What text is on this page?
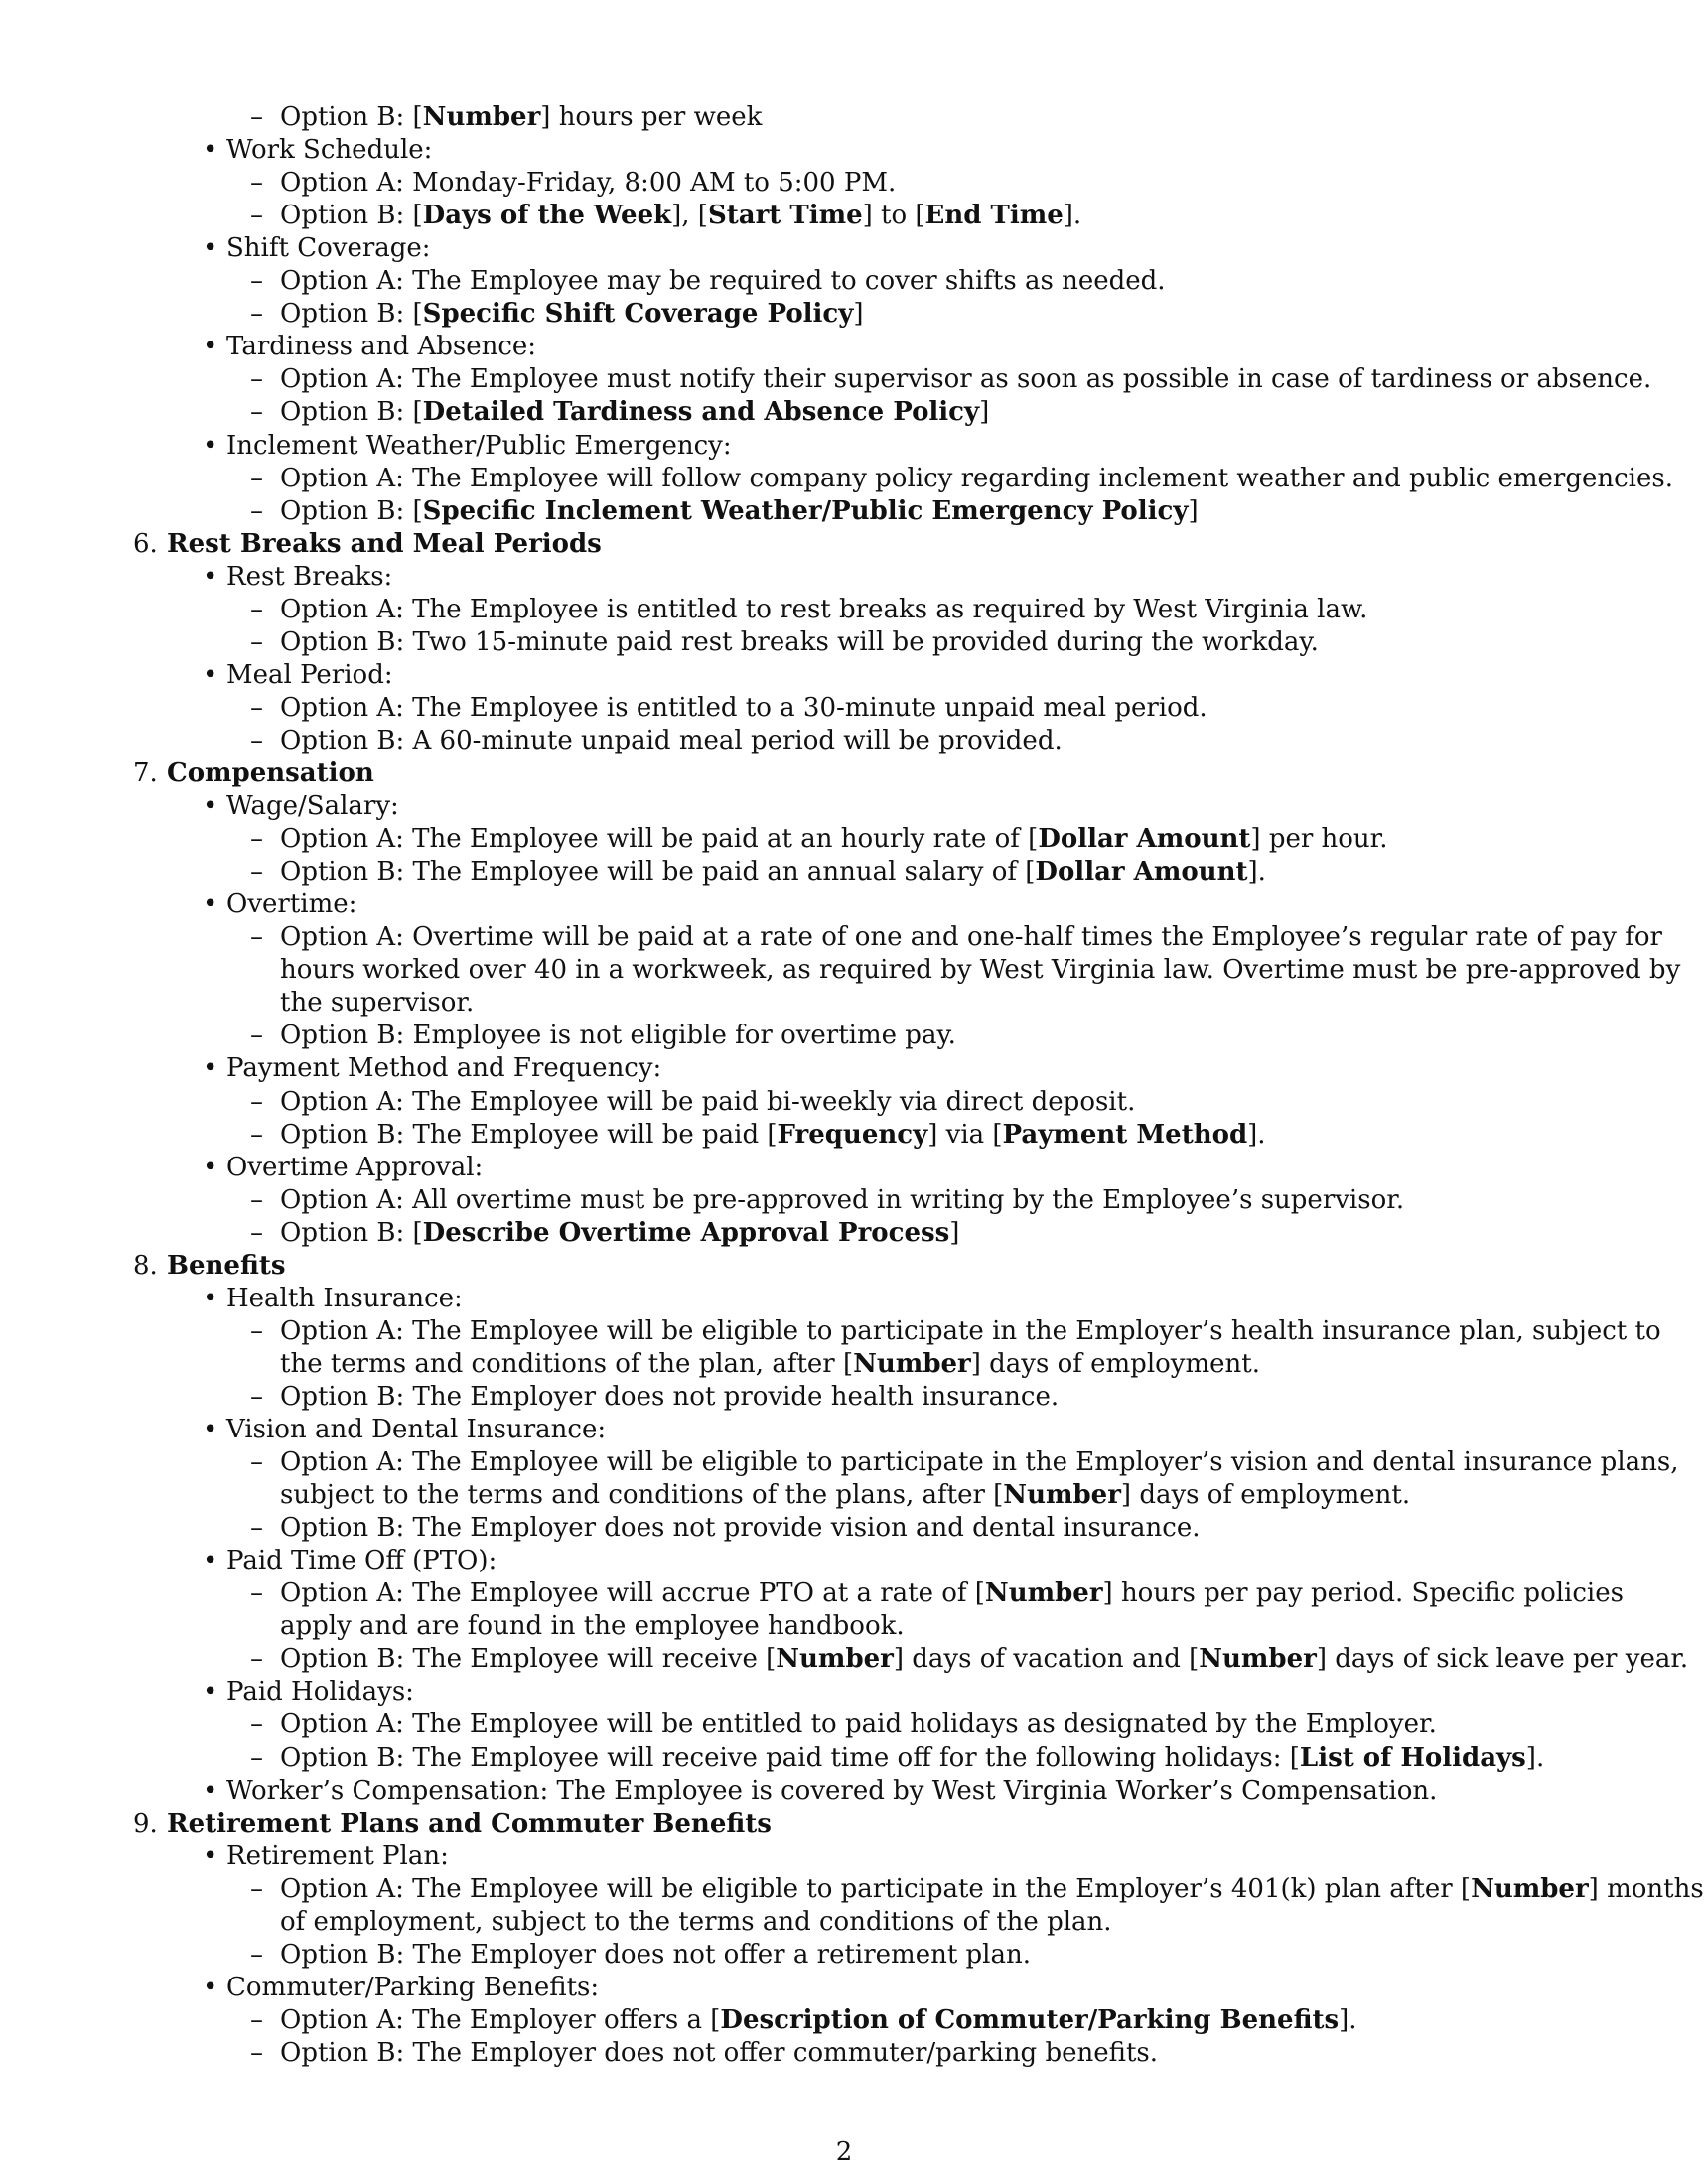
– Option B: [Number] hours per week
• Work Schedule:
– Option A: Monday-Friday, 8:00 AM to 5:00 PM.
– Option B: [Days of the Week], [Start Time] to [End Time].
• Shift Coverage:
– Option A: The Employee may be required to cover shifts as needed.
– Option B: [Specific Shift Coverage Policy]
• Tardiness and Absence:
– Option A: The Employee must notify their supervisor as soon as possible in case of tardiness or absence.
– Option B: [Detailed Tardiness and Absence Policy]
• Inclement Weather/Public Emergency:
– Option A: The Employee will follow company policy regarding inclement weather and public emergencies.
– Option B: [Specific Inclement Weather/Public Emergency Policy]
6. Rest Breaks and Meal Periods
• Rest Breaks:
– Option A: The Employee is entitled to rest breaks as required by West Virginia law.
– Option B: Two 15-minute paid rest breaks will be provided during the workday.
• Meal Period:
– Option A: The Employee is entitled to a 30-minute unpaid meal period.
– Option B: A 60-minute unpaid meal period will be provided.
7. Compensation
• Wage/Salary:
– Option A: The Employee will be paid at an hourly rate of [Dollar Amount] per hour.
– Option B: The Employee will be paid an annual salary of [Dollar Amount].
• Overtime:
– Option A: Overtime will be paid at a rate of one and one-half times the Employee’s regular rate of pay for
hours worked over 40 in a workweek, as required by West Virginia law. Overtime must be pre-approved by
the supervisor.
– Option B: Employee is not eligible for overtime pay.
• Payment Method and Frequency:
– Option A: The Employee will be paid bi-weekly via direct deposit.
– Option B: The Employee will be paid [Frequency] via [Payment Method].
• Overtime Approval:
– Option A: All overtime must be pre-approved in writing by the Employee’s supervisor.
– Option B: [Describe Overtime Approval Process]
8. Benefits
• Health Insurance:
– Option A: The Employee will be eligible to participate in the Employer’s health insurance plan, subject to
the terms and conditions of the plan, after [Number] days of employment.
– Option B: The Employer does not provide health insurance.
• Vision and Dental Insurance:
– Option A: The Employee will be eligible to participate in the Employer’s vision and dental insurance plans,
subject to the terms and conditions of the plans, after [Number] days of employment.
– Option B: The Employer does not provide vision and dental insurance.
• Paid Time Off (PTO):
– Option A: The Employee will accrue PTO at a rate of [Number] hours per pay period. Specific policies
apply and are found in the employee handbook.
– Option B: The Employee will receive [Number] days of vacation and [Number] days of sick leave per year.
• Paid Holidays:
– Option A: The Employee will be entitled to paid holidays as designated by the Employer.
– Option B: The Employee will receive paid time off for the following holidays: [List of Holidays].
• Worker’s Compensation: The Employee is covered by West Virginia Worker’s Compensation.
9. Retirement Plans and Commuter Benefits
• Retirement Plan:
– Option A: The Employee will be eligible to participate in the Employer’s 401(k) plan after [Number] months
of employment, subject to the terms and conditions of the plan.
– Option B: The Employer does not offer a retirement plan.
• Commuter/Parking Benefits:
– Option A: The Employer offers a [Description of Commuter/Parking Benefits].
– Option B: The Employer does not offer commuter/parking benefits.
2
